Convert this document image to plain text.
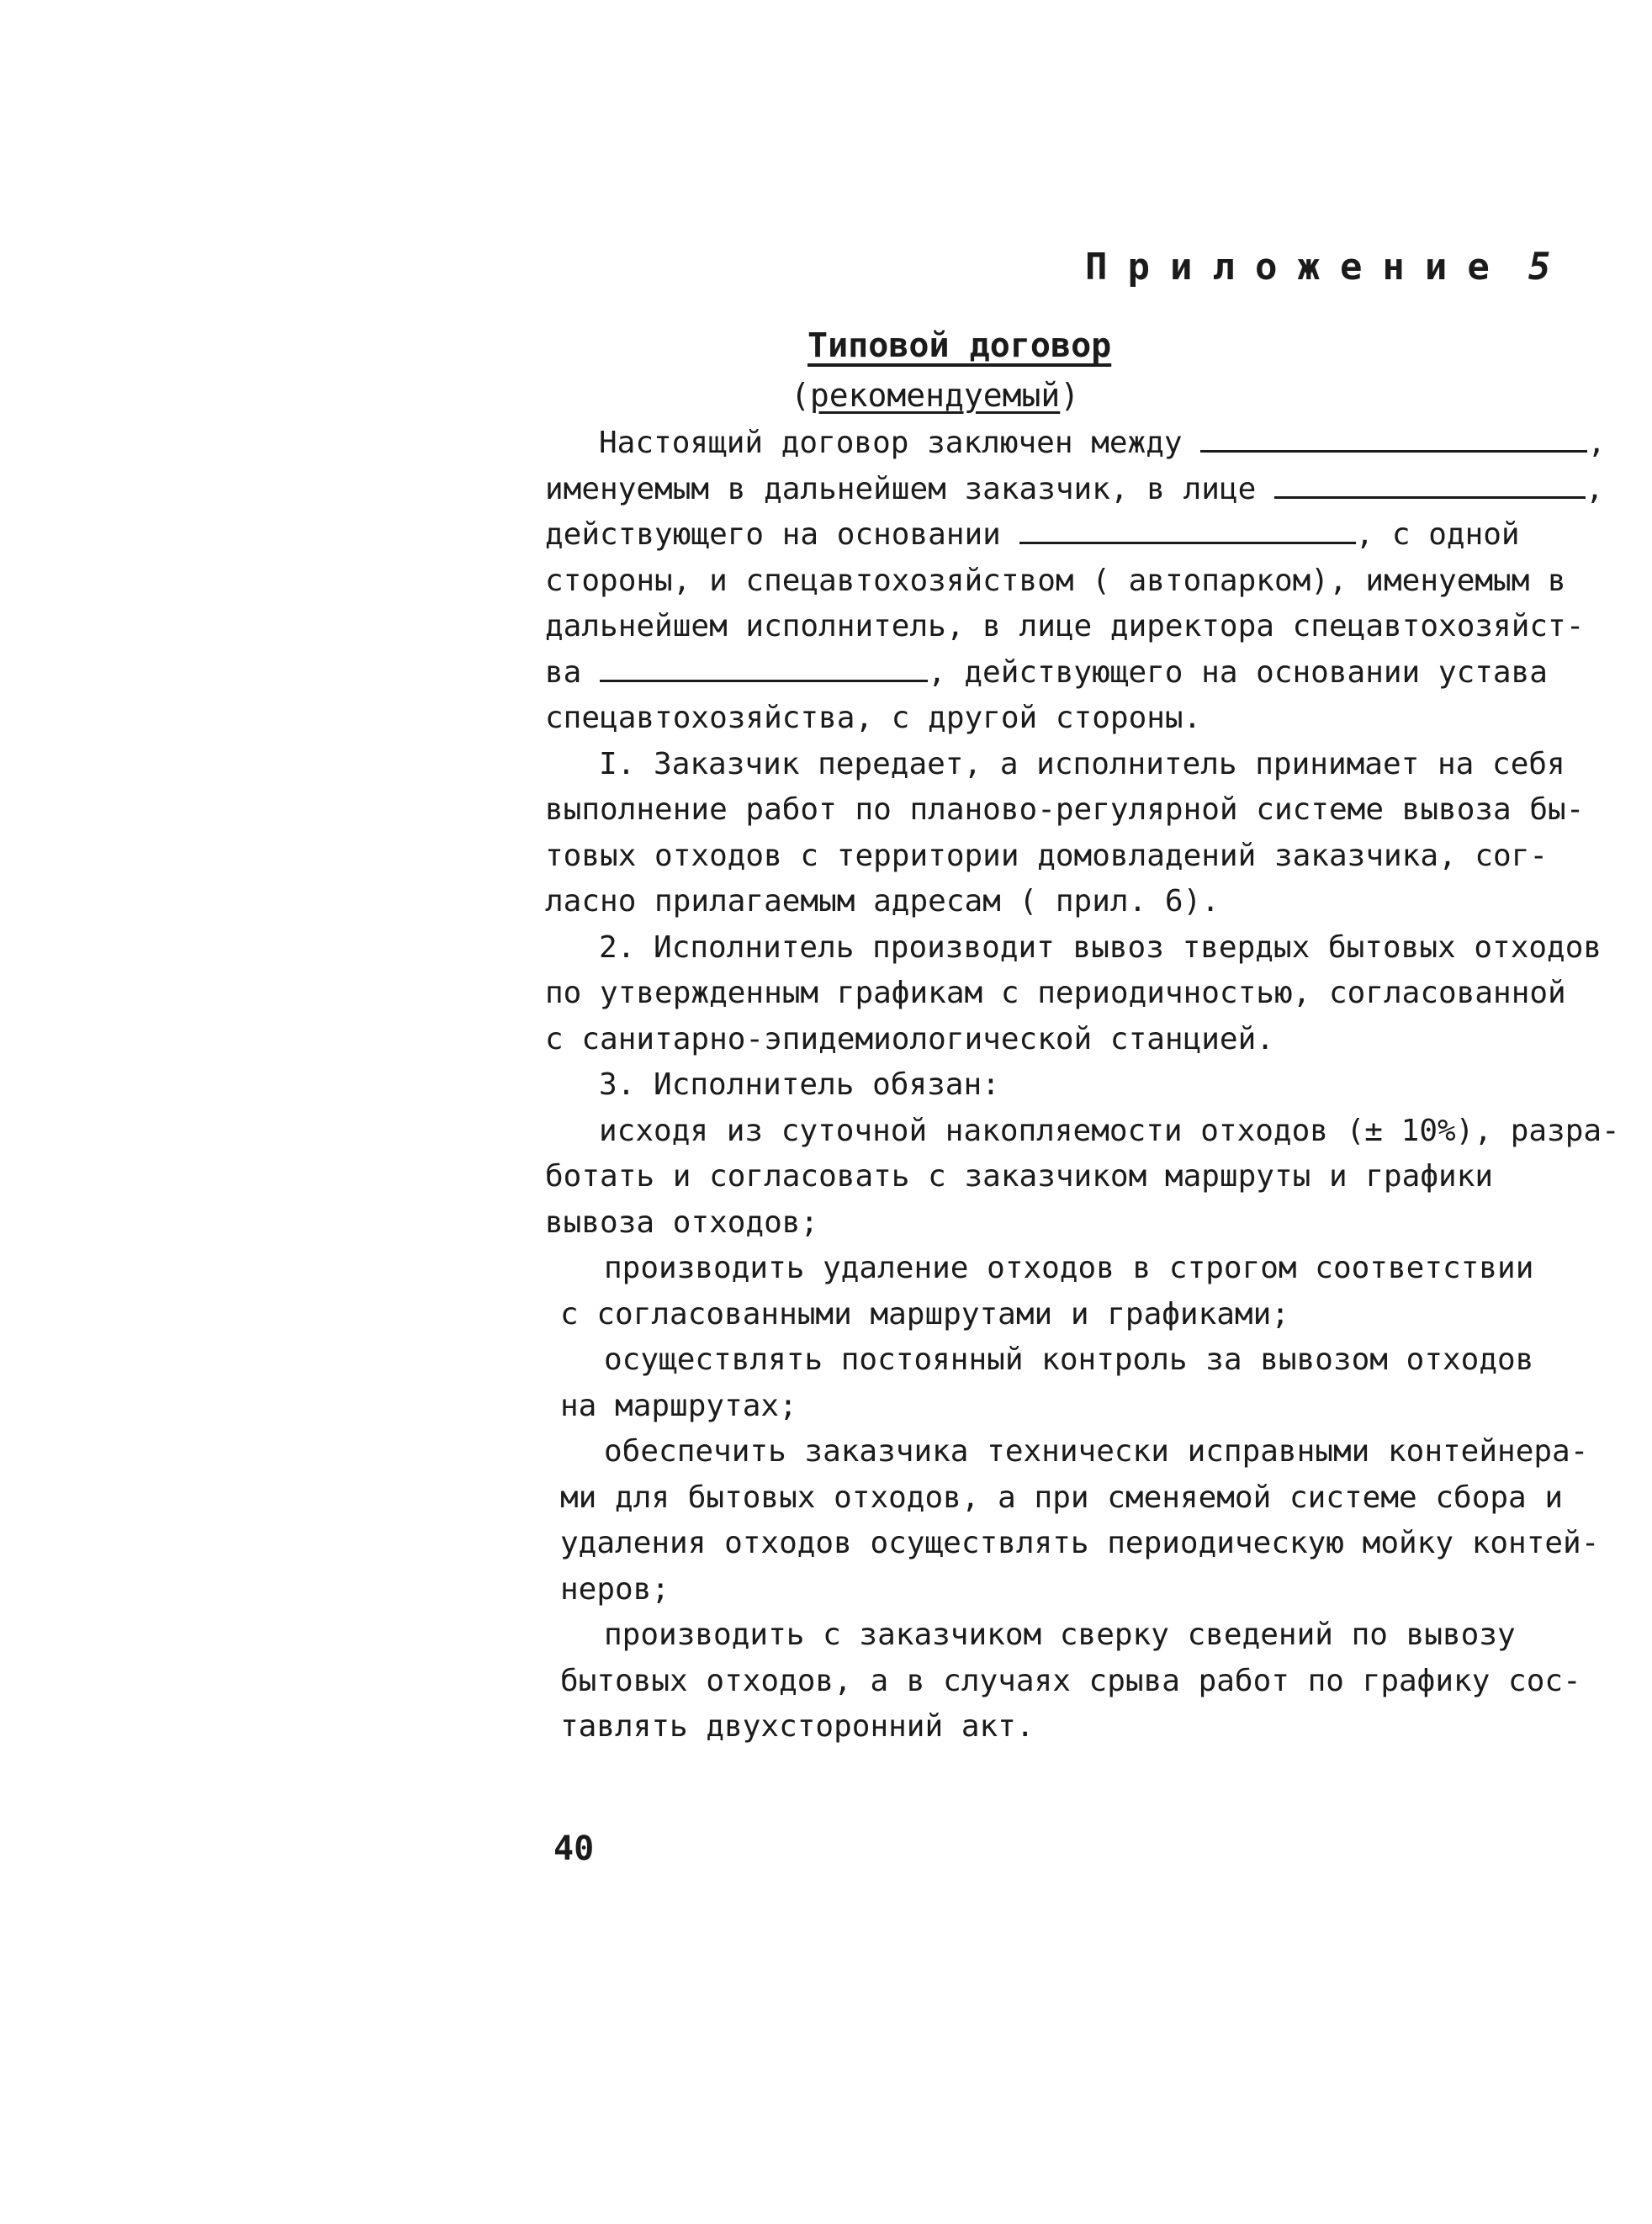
Приложение 5
Типовой договор
(рекомендуемый)
Настоящий договор заключен между	,
именуемым в дальнейшем заказчик, в лице	,
действующего на основании	, с одной
стороны, и спецавтохозяйством ( автопарком), именуемым в
дальнейшем исполнитель, в лице директора спецавтохозяйст-
ва	, действующего на основании устава
спецавтохозяйства, с другой стороны.
I. Заказчик передает, а исполнитель принимает на себя
выполнение работ по планово-регулярной системе вывоза бы-
товых отходов с территории домовладений заказчика, сог-
ласно прилагаемым адресам ( прил. 6).
2. Исполнитель производит вывоз твердых бытовых отходов
по утвержденным графикам с периодичностью, согласованной
с санитарно-эпидемиологической станцией.
3. Исполнитель обязан:
исходя из суточной накопляемости отходов (± 10%), разра-
ботать и согласовать с заказчиком маршруты и графики
вывоза отходов;
производить удаление отходов в строгом соответствии
с согласованными маршрутами и графиками;
осуществлять постоянный контроль за вывозом отходов
на маршрутах;
обеспечить заказчика технически исправными контейнера-
ми для бытовых отходов, а при сменяемой системе сбора и
удаления отходов осуществлять периодическую мойку контей-
неров;
производить с заказчиком сверку сведений по вывозу
бытовых отходов, а в случаях срыва работ по графику сос-
тавлять двухсторонний акт.
40
